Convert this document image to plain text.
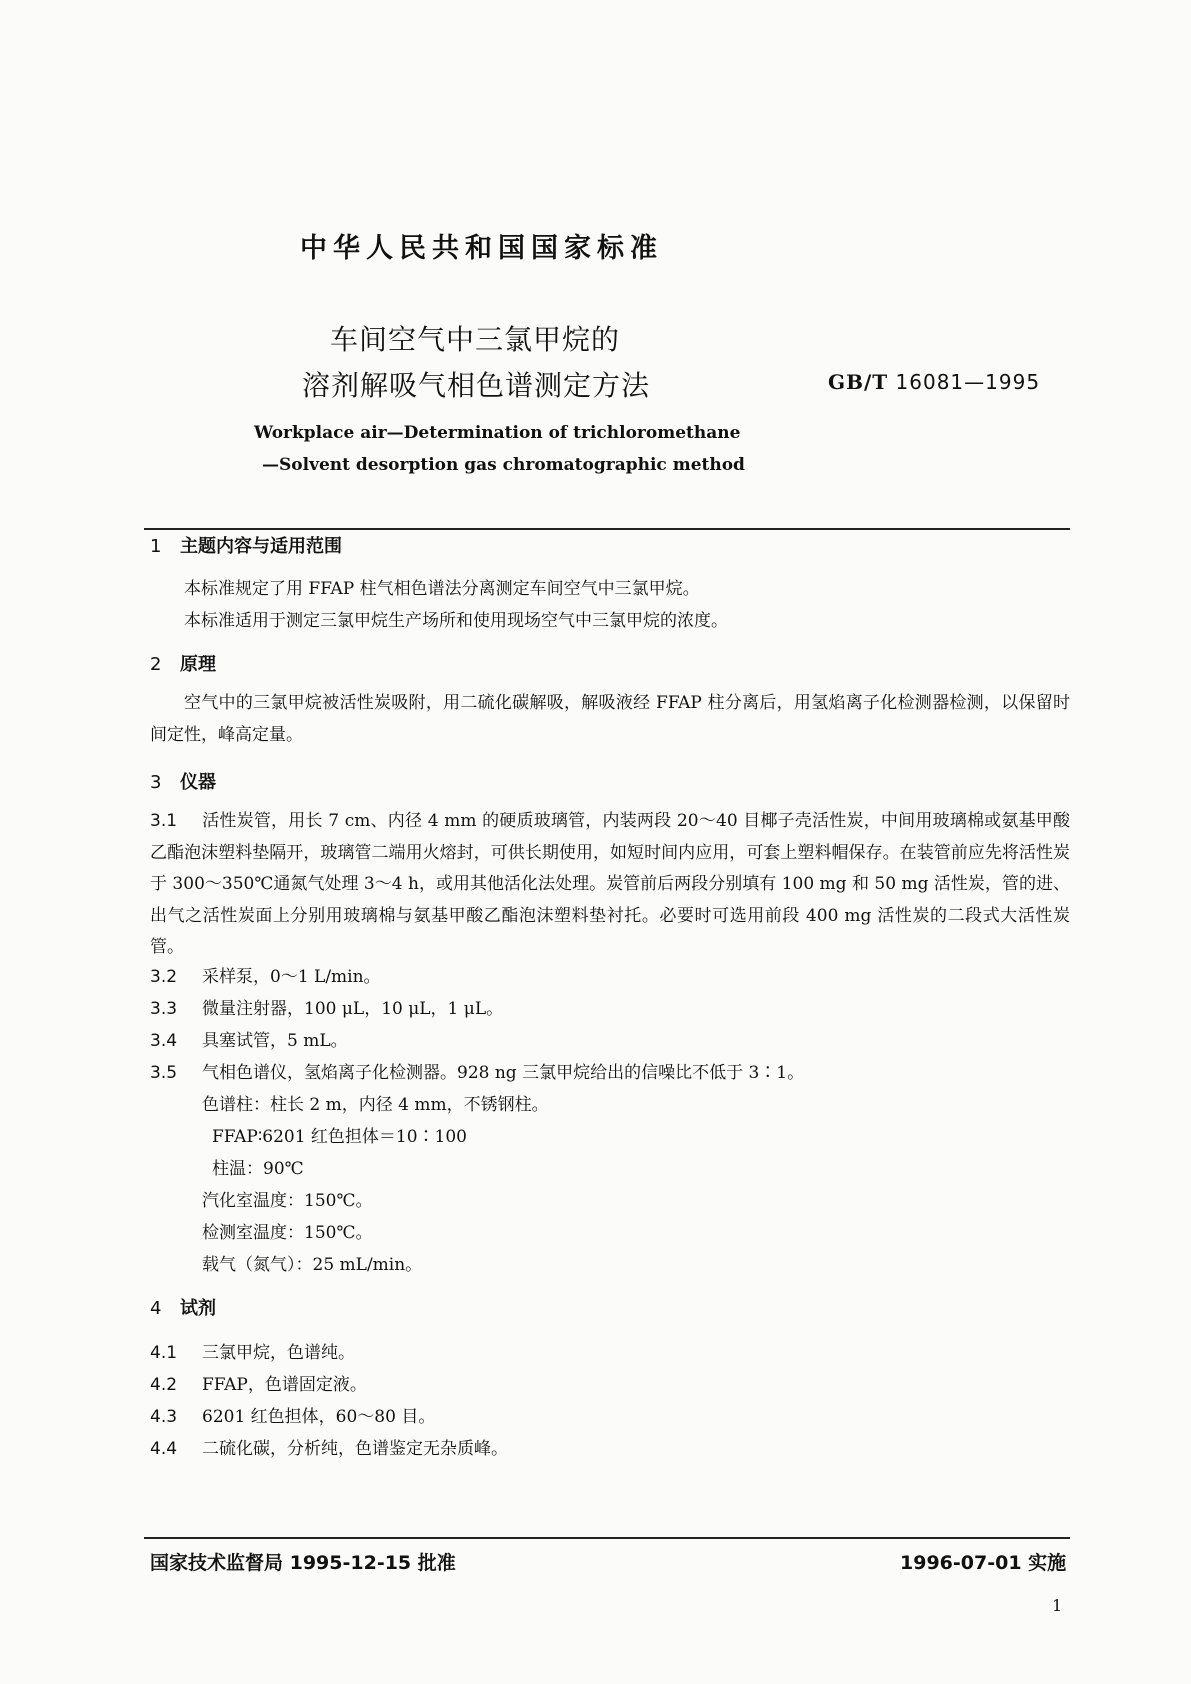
中华人民共和国国家标准
车间空气中三氯甲烷的
溶剂解吸气相色谱测定方法	GB/T 16081—1995
Workplace air—Determination of trichloromethane
—Solvent desorption gas chromatographic method
1 主题内容与适用范围
本标准规定了用 FFAP 柱气相色谱法分离测定车间空气中三氯甲烷。
本标准适用于测定三氯甲烷生产场所和使用现场空气中三氯甲烷的浓度。
2 原理
空气中的三氯甲烷被活性炭吸附，用二硫化碳解吸，解吸液经 FFAP 柱分离后，用氢焰离子化检测器检测，以保留时间定性，峰高定量。
3 仪器
3.1 活性炭管，用长 7 cm、内径 4 mm 的硬质玻璃管，内装两段 20～40 目椰子壳活性炭，中间用玻璃棉或氨基甲酸乙酯泡沫塑料垫隔开，玻璃管二端用火熔封，可供长期使用，如短时间内应用，可套上塑料帽保存。在装管前应先将活性炭于 300～350℃通氮气处理 3～4 h，或用其他活化法处理。炭管前后两段分别填有 100 mg 和 50 mg 活性炭，管的进、出气之活性炭面上分别用玻璃棉与氨基甲酸乙酯泡沫塑料垫衬托。必要时可选用前段 400 mg 活性炭的二段式大活性炭管。
3.2 采样泵，0～1 L/min。
3.3 微量注射器，100 μL，10 μL，1 μL。
3.4 具塞试管，5 mL。
3.5 气相色谱仪，氢焰离子化检测器。928 ng 三氯甲烷给出的信噪比不低于 3∶1。
色谱柱：柱长 2 m，内径 4 mm，不锈钢柱。
FFAP∶6201 红色担体＝10∶100
柱温：90℃
汽化室温度：150℃。
检测室温度：150℃。
载气（氮气）：25 mL/min。
4 试剂
4.1 三氯甲烷，色谱纯。
4.2 FFAP，色谱固定液。
4.3 6201 红色担体，60～80 目。
4.4 二硫化碳，分析纯，色谱鉴定无杂质峰。
国家技术监督局 1995-12-15 批准	1996-07-01 实施
1
